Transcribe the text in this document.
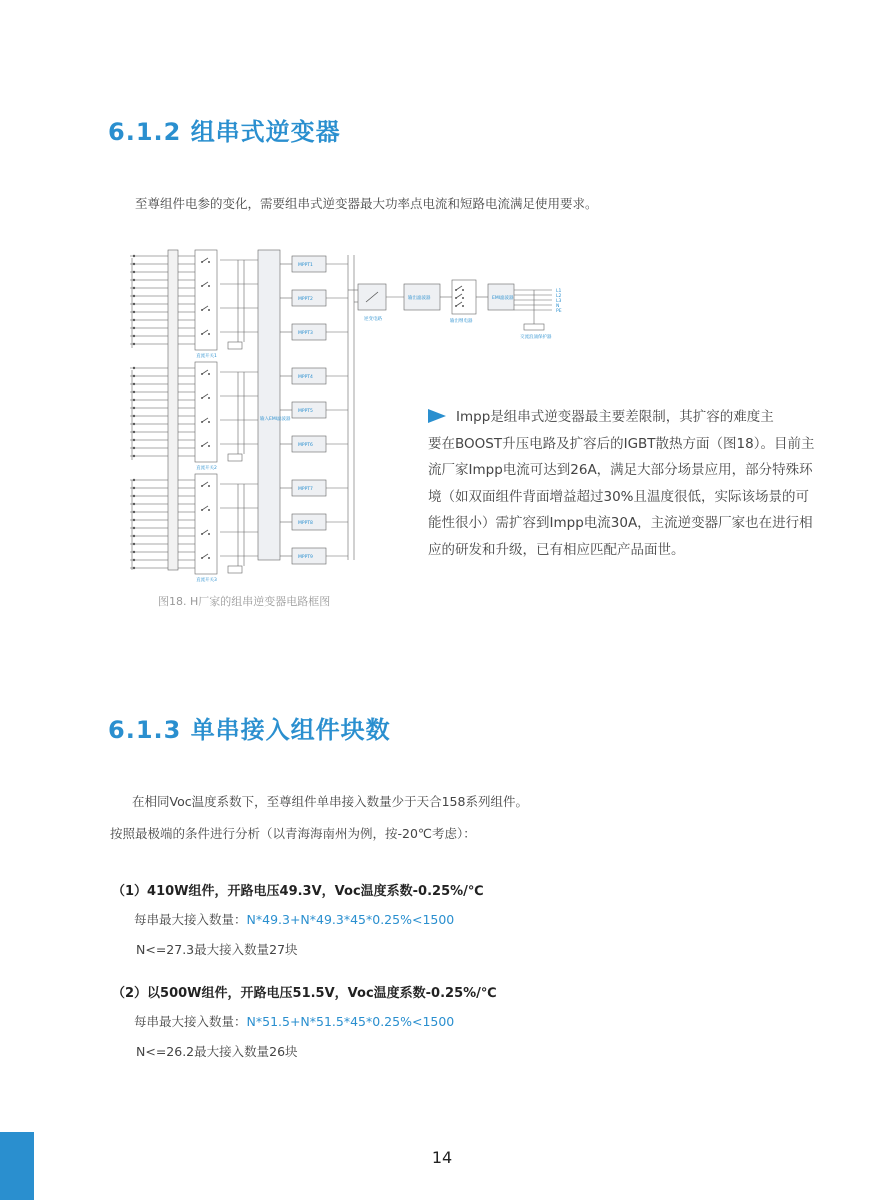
6.1.2 组串式逆变器
至尊组件电参的变化，需要组串式逆变器最大功率点电流和短路电流满足使用要求。
直流开关1
直流开关2
直流开关3
输入EMI滤波器
MPPT1
MPPT2
MPPT3
MPPT4
MPPT5
MPPT6
MPPT7
MPPT8
MPPT9
逆变电路
输出滤波器
输出继电器
EMI滤波器
交流浪涌保护器
L1
L2
L3
N
PE
图18. H厂家的组串逆变器电路框图
Impp是组串式逆变器最主要差限制，其扩容的难度主
要在BOOST升压电路及扩容后的IGBT散热方面（图18）。目前主
流厂家Impp电流可达到26A，满足大部分场景应用，部分特殊环
境（如双面组件背面增益超过30%且温度很低，实际该场景的可
能性很小）需扩容到Impp电流30A，主流逆变器厂家也在进行相
应的研发和升级，已有相应匹配产品面世。
6.1.3 单串接入组件块数
在相同Voc温度系数下，至尊组件单串接入数量少于天合158系列组件。
按照最极端的条件进行分析（以青海海南州为例，按-20℃考虑）：
（1）410W组件，开路电压49.3V，Voc温度系数-0.25%/℃
每串最大接入数量：N*49.3+N*49.3*45*0.25%<1500
N<=27.3最大接入数量27块
（2）以500W组件，开路电压51.5V，Voc温度系数-0.25%/℃
每串最大接入数量：N*51.5+N*51.5*45*0.25%<1500
N<=26.2最大接入数量26块
14
